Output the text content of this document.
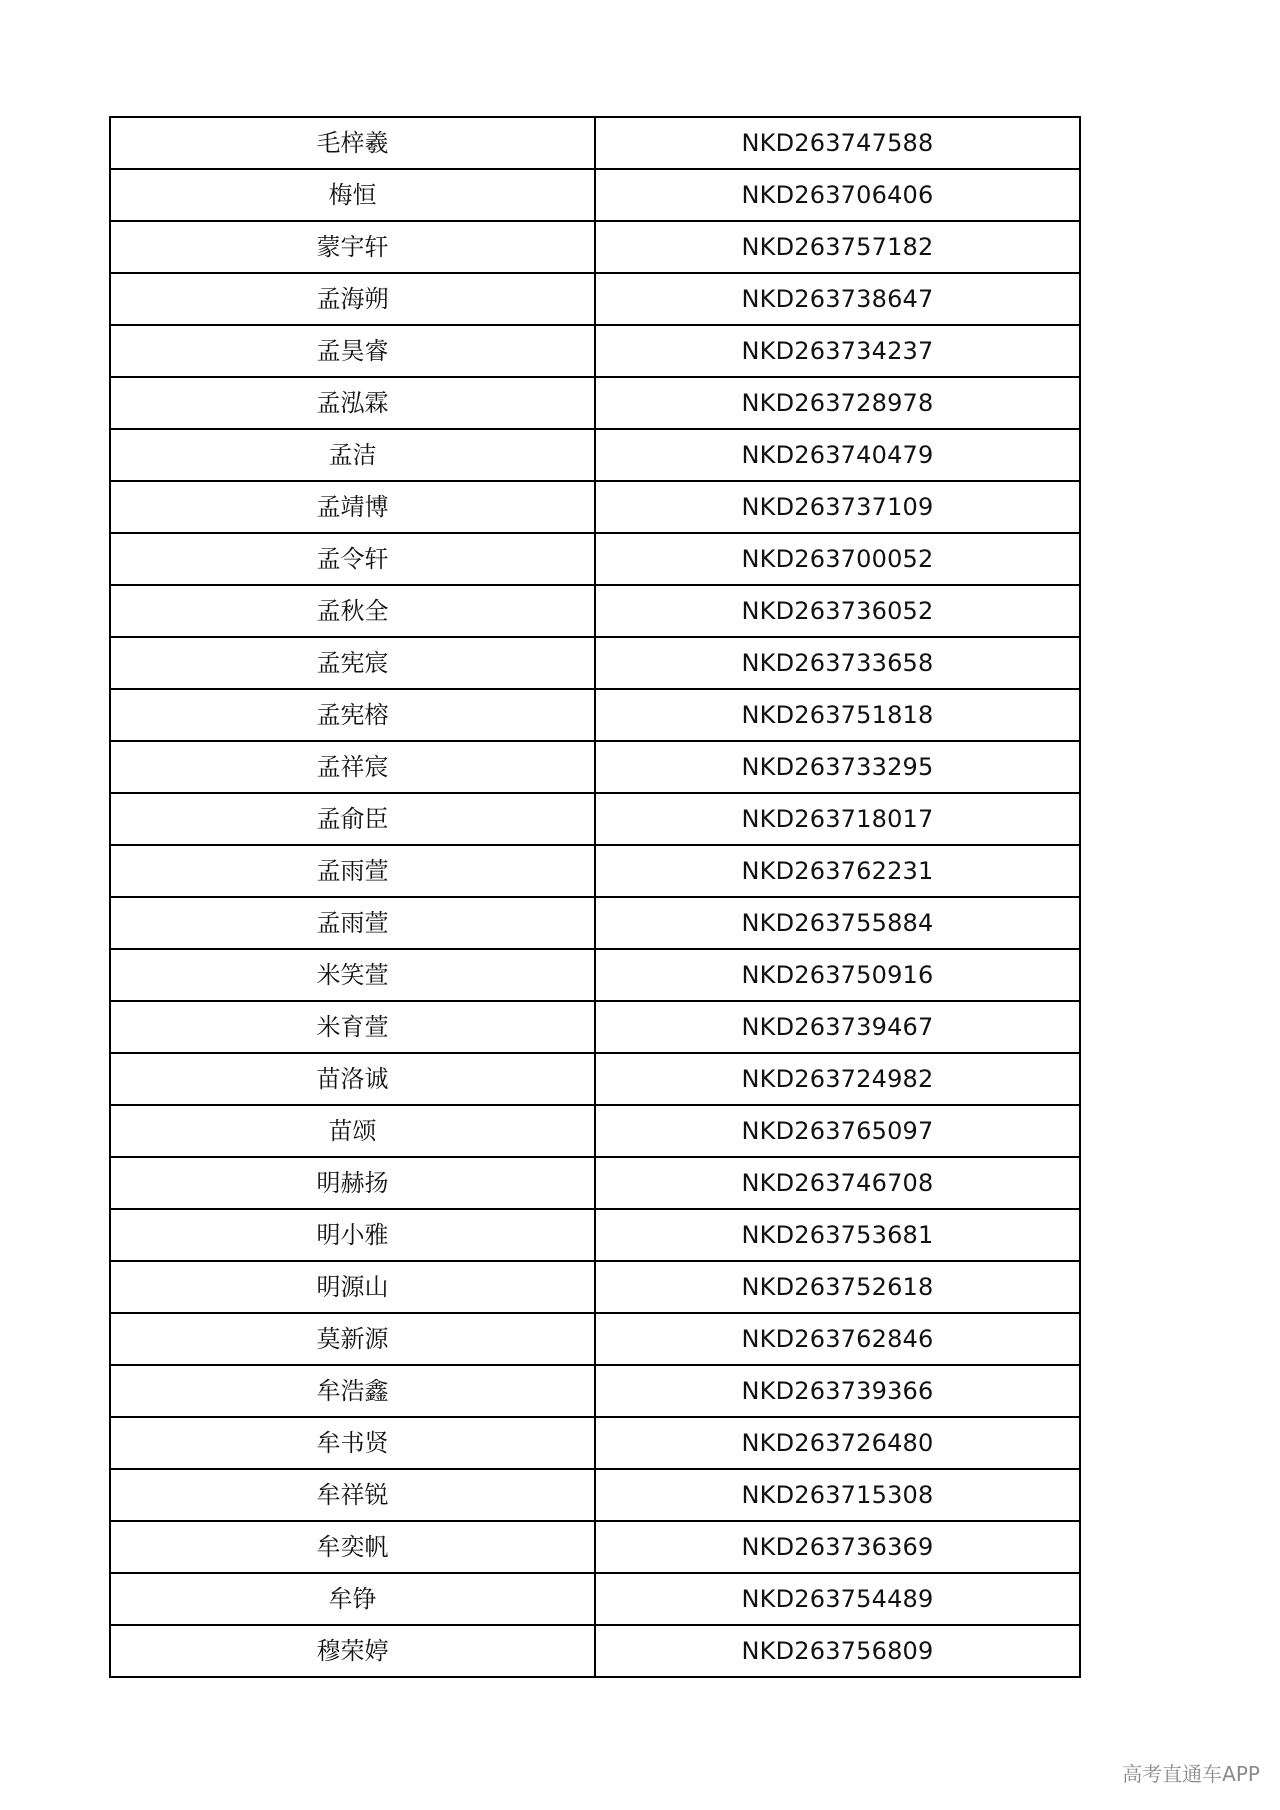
毛梓羲	NKD263747588
梅恒	NKD263706406
蒙宇轩	NKD263757182
孟海朔	NKD263738647
孟昊睿	NKD263734237
孟泓霖	NKD263728978
孟洁	NKD263740479
孟靖博	NKD263737109
孟令轩	NKD263700052
孟秋全	NKD263736052
孟宪宸	NKD263733658
孟宪榕	NKD263751818
孟祥宸	NKD263733295
孟俞臣	NKD263718017
孟雨萱	NKD263762231
孟雨萱	NKD263755884
米笑萱	NKD263750916
米育萱	NKD263739467
苗洛诚	NKD263724982
苗颂	NKD263765097
明赫扬	NKD263746708
明小雅	NKD263753681
明源山	NKD263752618
莫新源	NKD263762846
牟浩鑫	NKD263739366
牟书贤	NKD263726480
牟祥锐	NKD263715308
牟奕帆	NKD263736369
牟铮	NKD263754489
穆荣婷	NKD263756809
高考直通车APP
